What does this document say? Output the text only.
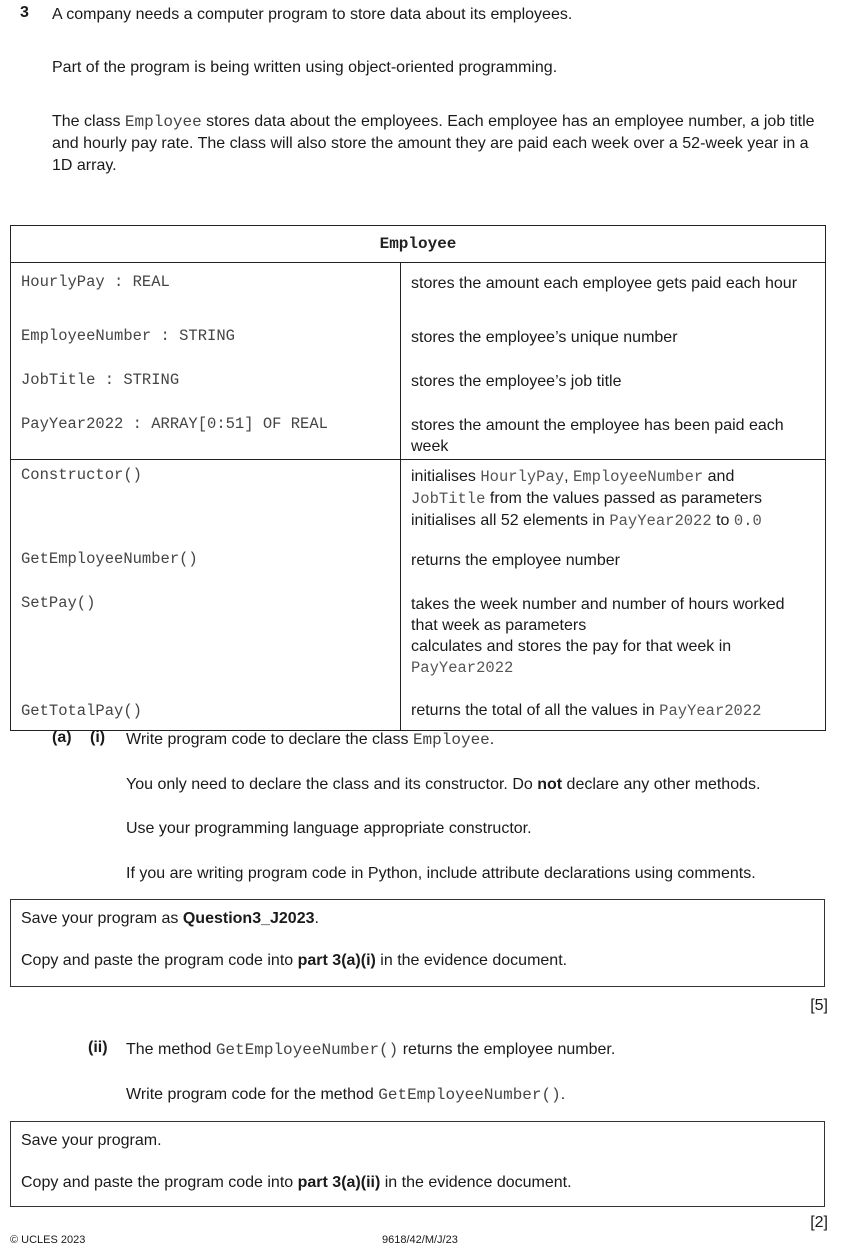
3 A company needs a computer program to store data about its employees.

Part of the program is being written using object-oriented programming.

The class Employee stores data about the employees. Each employee has an employee number, a job title and hourly pay rate. The class will also store the amount they are paid each week over a 52-week year in a 1D array.

Employee	
HourlyPay : REAL	stores the amount each employee gets paid each hour
EmployeeNumber : STRING	stores the employee’s unique number
JobTitle : STRING	stores the employee’s job title
PayYear2022 : ARRAY[0:51] OF REAL	stores the amount the employee has been paid each week
Constructor()	initialises HourlyPay, EmployeeNumber and
JobTitle from the values passed as parameters
initialises all 52 elements in PayYear2022 to 0.0
GetEmployeeNumber()	returns the employee number
SetPay()	takes the week number and number of hours worked that week as parameters
calculates and stores the pay for that week in
PayYear2022
GetTotalPay()	returns the total of all the values in PayYear2022
(a) (i) Write program code to declare the class Employee.

You only need to declare the class and its constructor. Do not declare any other methods.

Use your programming language appropriate constructor.

If you are writing program code in Python, include attribute declarations using comments.

Save your program as Question3_J2023.

Copy and paste the program code into part 3(a)(i) in the evidence document.

[5]
(ii) The method GetEmployeeNumber() returns the employee number.

Write program code for the method GetEmployeeNumber().

Save your program.

Copy and paste the program code into part 3(a)(ii) in the evidence document.

[2]
© UCLES 2023	9618/42/M/J/23
